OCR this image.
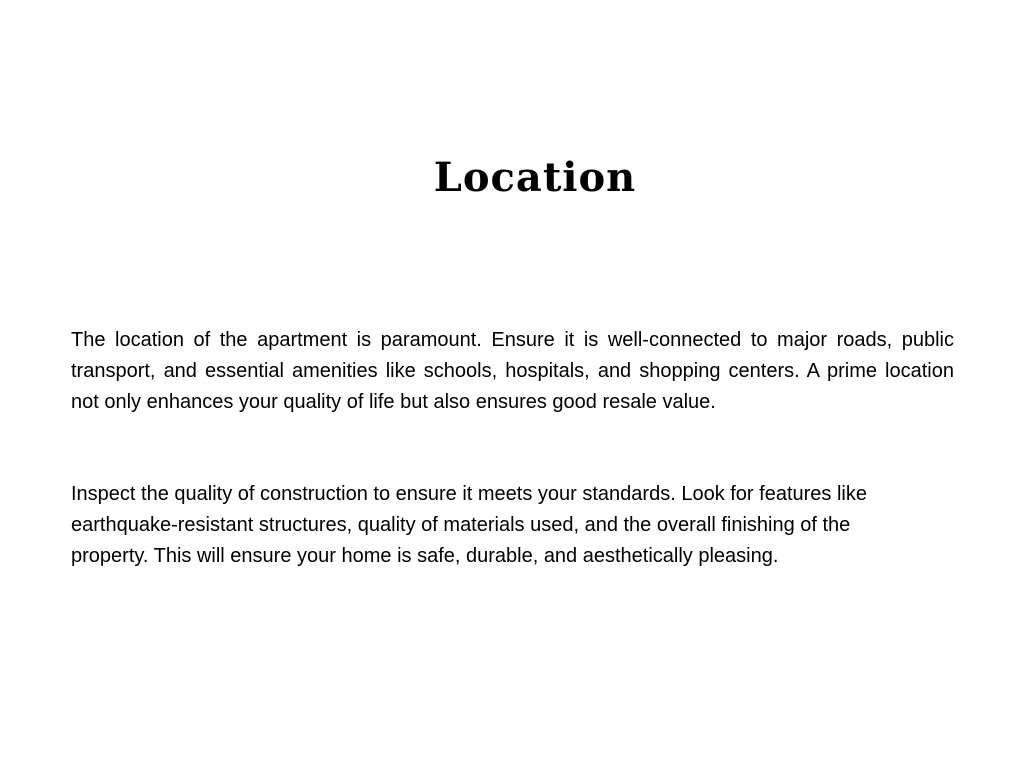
Location

The location of the apartment is paramount. Ensure it is well-connected to major roads, public transport, and essential amenities like schools, hospitals, and shopping centers. A prime location not only enhances your quality of life but also ensures good resale value.

Inspect the quality of construction to ensure it meets your standards. Look for features like earthquake-resistant structures, quality of materials used, and the overall finishing of the property. This will ensure your home is safe, durable, and aesthetically pleasing.
